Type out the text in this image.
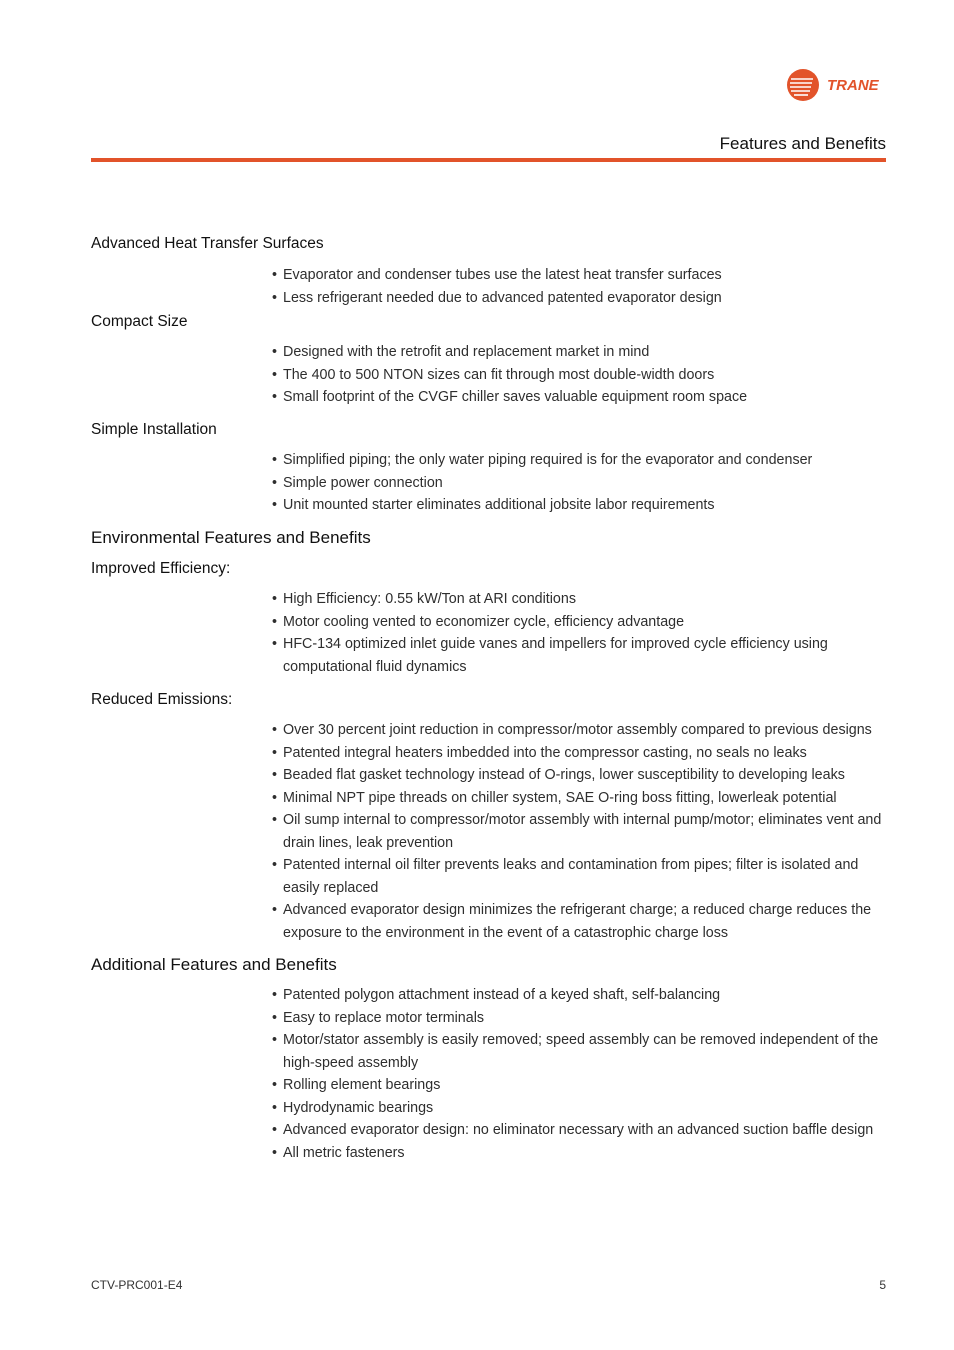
TRANE
Features and Benefits
Advanced Heat Transfer Surfaces
• Evaporator and condenser tubes use the latest heat transfer surfaces
• Less refrigerant needed due to advanced patented evaporator design
Compact Size
• Designed with the retrofit and replacement market in mind
• The 400 to 500 NTON sizes can fit through most double-width doors
• Small footprint of the CVGF chiller saves valuable equipment room space
Simple Installation
• Simplified piping; the only water piping required is for the evaporator and condenser
• Simple power connection
• Unit mounted starter eliminates additional jobsite labor requirements
Environmental Features and Benefits
Improved Efficiency:
• High Efficiency: 0.55 kW/Ton at ARI conditions
• Motor cooling vented to economizer cycle, efficiency advantage
• HFC-134 optimized inlet guide vanes and impellers for improved cycle efficiency using computational fluid dynamics
Reduced Emissions:
• Over 30 percent joint reduction in compressor/motor assembly compared to previous designs
• Patented integral heaters imbedded into the compressor casting, no seals no leaks
• Beaded flat gasket technology instead of O-rings, lower susceptibility to developing leaks
• Minimal NPT pipe threads on chiller system, SAE O-ring boss fitting, lowerleak potential
• Oil sump internal to compressor/motor assembly with internal pump/motor; eliminates vent and drain lines, leak prevention
• Patented internal oil filter prevents leaks and contamination from pipes; filter is isolated and easily replaced
• Advanced evaporator design minimizes the refrigerant charge; a reduced charge reduces the exposure to the environment in the event of a catastrophic charge loss
Additional Features and Benefits
• Patented polygon attachment instead of a keyed shaft, self-balancing
• Easy to replace motor terminals
• Motor/stator assembly is easily removed; speed assembly can be removed independent of the high-speed assembly
• Rolling element bearings
• Hydrodynamic bearings
• Advanced evaporator design: no eliminator necessary with an advanced suction baffle design
• All metric fasteners
CTV-PRC001-E4	5
